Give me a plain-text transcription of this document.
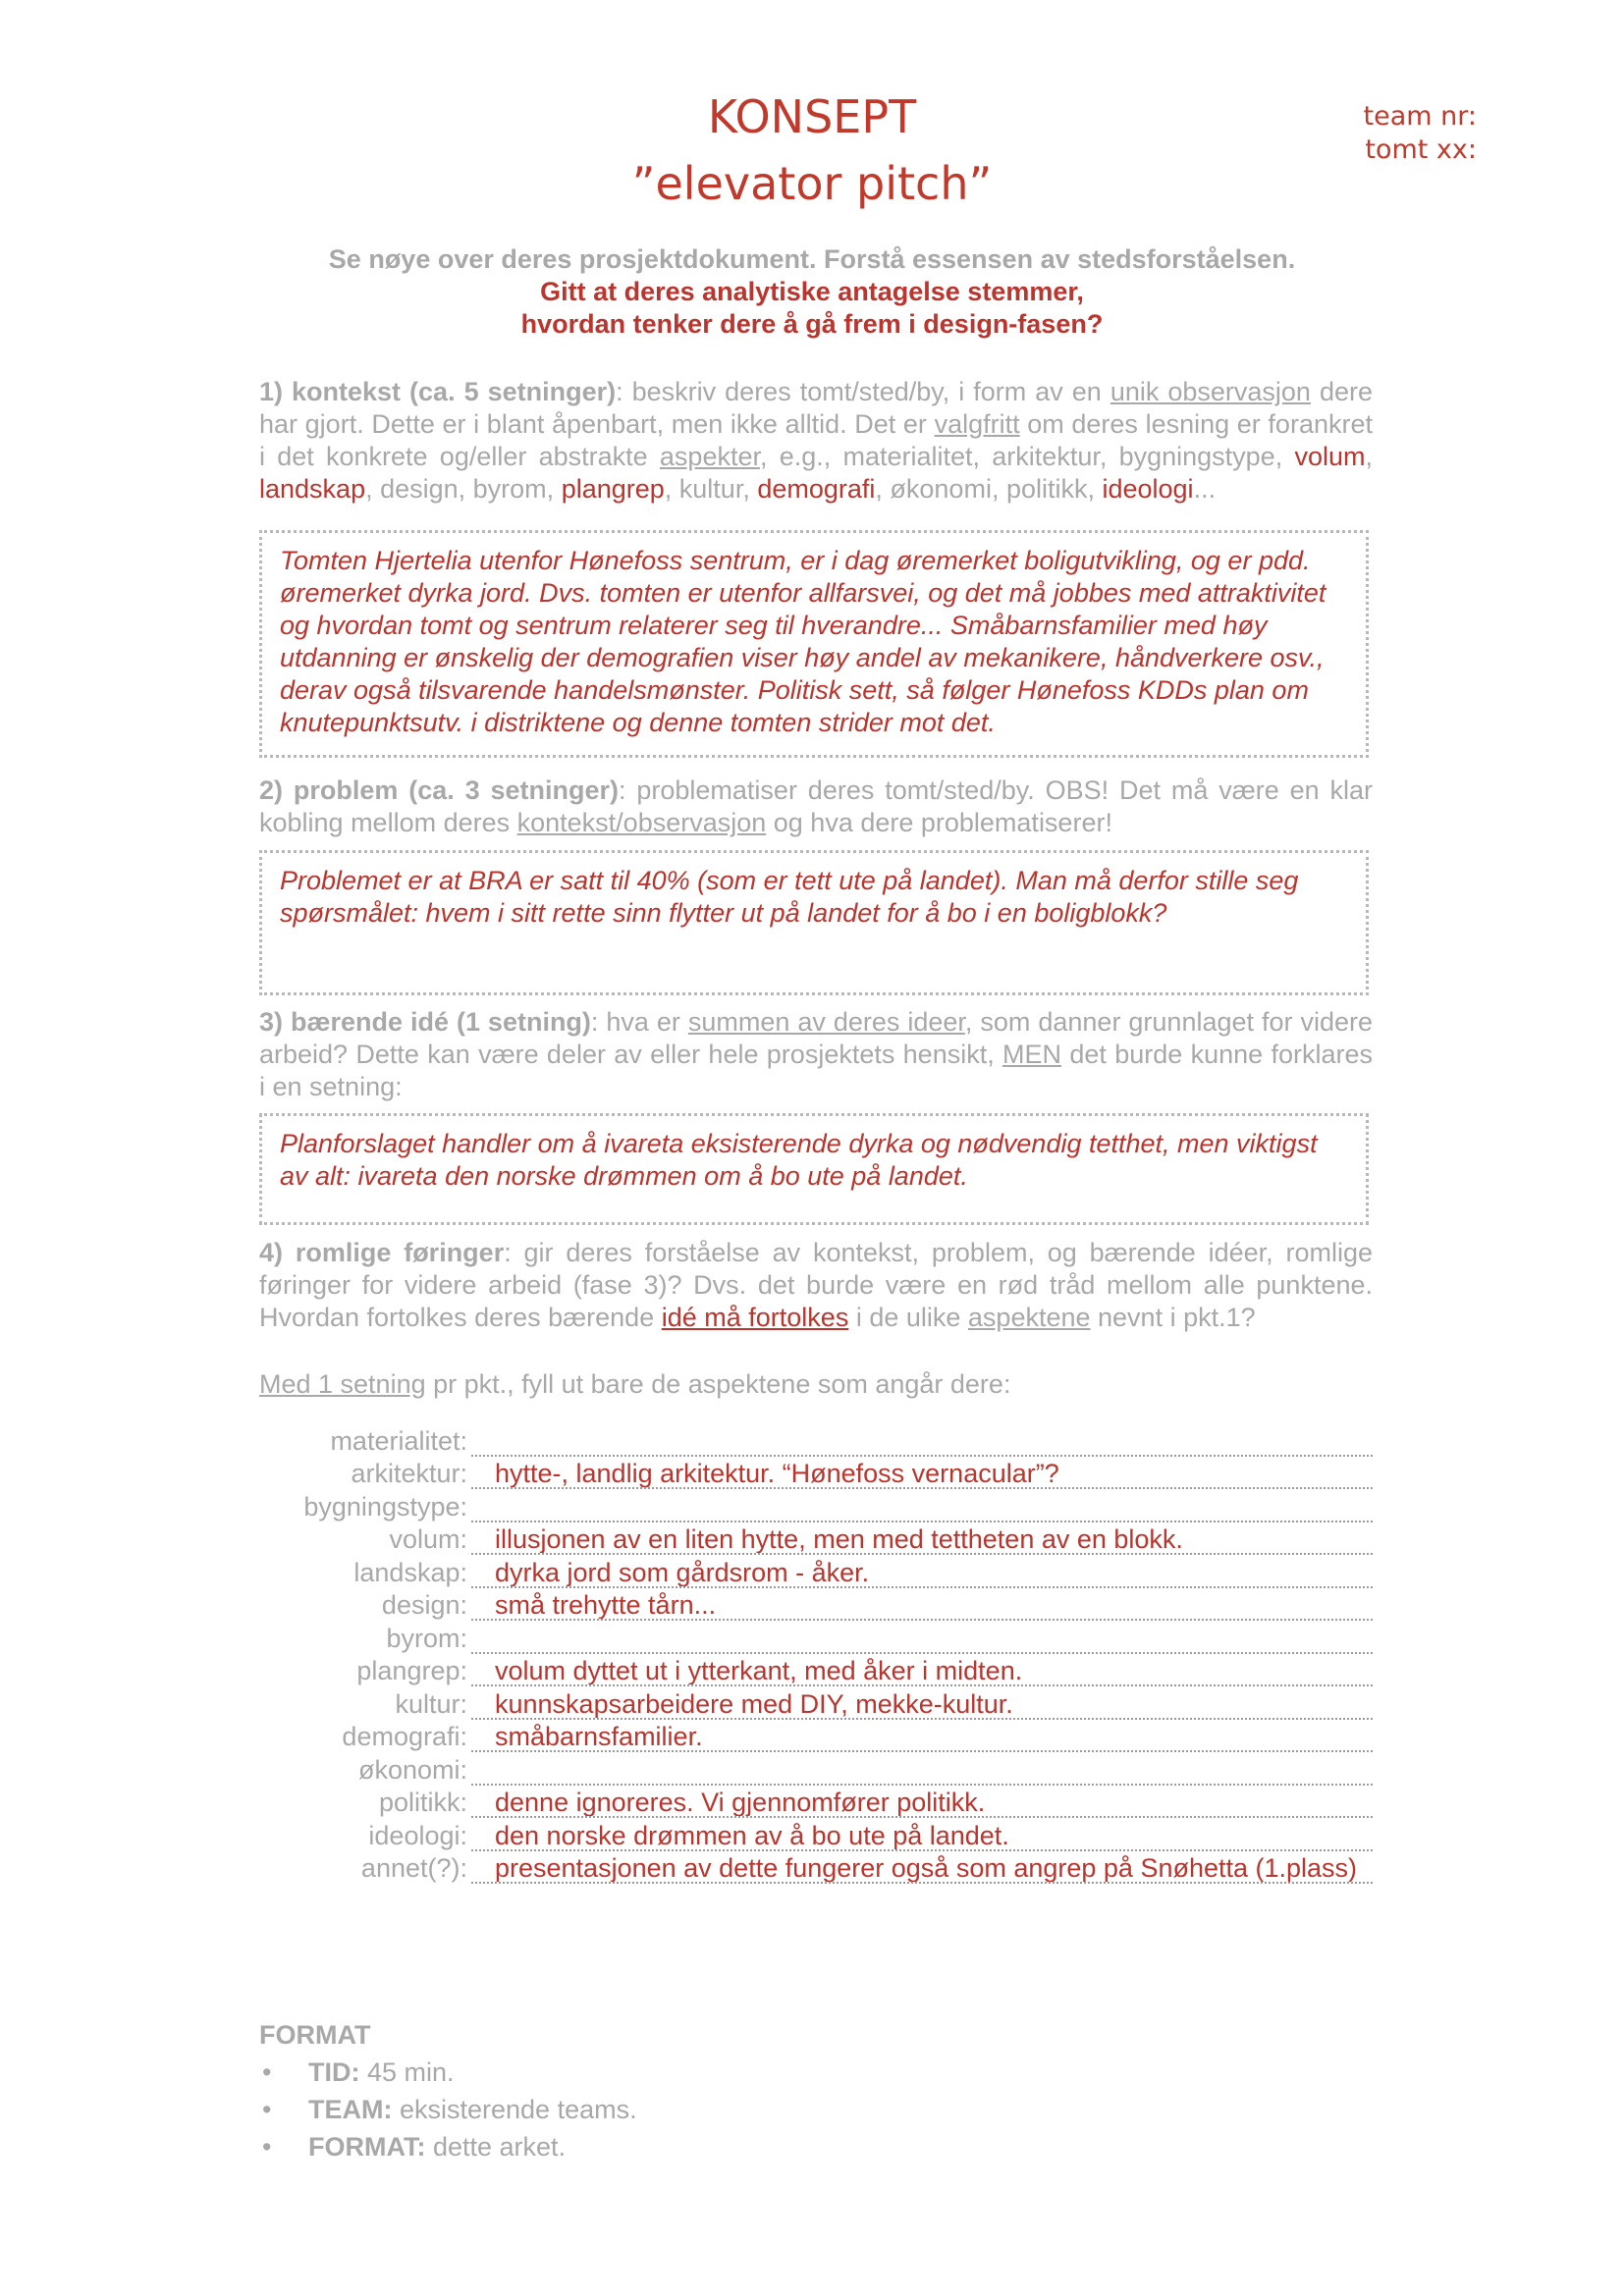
KONSEPT
”elevator pitch”
team nr:
tomt xx:
Se nøye over deres prosjektdokument. Forstå essensen av stedsforståelsen.
Gitt at deres analytiske antagelse stemmer,
hvordan tenker dere å gå frem i design-fasen?
1) kontekst (ca. 5 setninger): beskriv deres tomt/sted/by, i form av en unik observasjon dere har gjort. Dette er i blant åpenbart, men ikke alltid. Det er valgfritt om deres lesning er forankret i det konkrete og/eller abstrakte aspekter, e.g., materialitet, arkitektur, bygningstype, volum, landskap, design, byrom, plangrep, kultur, demografi, økonomi, politikk, ideologi...
Tomten Hjertelia utenfor Hønefoss sentrum, er i dag øremerket boligutvikling, og er pdd. øremerket dyrka jord. Dvs. tomten er utenfor allfarsvei, og det må jobbes med attraktivitet og hvordan tomt og sentrum relaterer seg til hverandre... Småbarnsfamilier med høy utdanning er ønskelig der demografien viser høy andel av mekanikere, håndverkere osv., derav også tilsvarende handelsmønster. Politisk sett, så følger Hønefoss KDDs plan om knutepunktsutv. i distriktene og denne tomten strider mot det.
2) problem (ca. 3 setninger): problematiser deres tomt/sted/by. OBS! Det må være en klar kobling mellom deres kontekst/observasjon og hva dere problematiserer!
Problemet er at BRA er satt til 40% (som er tett ute på landet). Man må derfor stille seg spørsmålet: hvem i sitt rette sinn flytter ut på landet for å bo i en boligblokk?
3) bærende idé (1 setning): hva er summen av deres ideer, som danner grunnlaget for videre arbeid? Dette kan være deler av eller hele prosjektets hensikt, MEN det burde kunne forklares i en setning:
Planforslaget handler om å ivareta eksisterende dyrka og nødvendig tetthet, men viktigst av alt: ivareta den norske drømmen om å bo ute på landet.
4) romlige føringer: gir deres forståelse av kontekst, problem, og bærende idéer, romlige føringer for videre arbeid (fase 3)? Dvs. det burde være en rød tråd mellom alle punktene. Hvordan fortolkes deres bærende idé må fortolkes i de ulike aspektene nevnt i pkt.1?
Med 1 setning pr pkt., fyll ut bare de aspektene som angår dere:
materialitet:
arkitektur:	hytte-, landlig arkitektur. “Hønefoss vernacular”?
bygningstype:
volum:	illusjonen av en liten hytte, men med tettheten av en blokk.
landskap:	dyrka jord som gårdsrom - åker.
design:	små trehytte tårn...
byrom:
plangrep:	volum dyttet ut i ytterkant, med åker i midten.
kultur:	kunnskapsarbeidere med DIY, mekke-kultur.
demografi:	småbarnsfamilier.
økonomi:
politikk:	denne ignoreres. Vi gjennomfører politikk.
ideologi:	den norske drømmen av å bo ute på landet.
annet(?):	presentasjonen av dette fungerer også som angrep på Snøhetta (1.plass)
FORMAT
• TID: 45 min.
• TEAM: eksisterende teams.
• FORMAT: dette arket.
